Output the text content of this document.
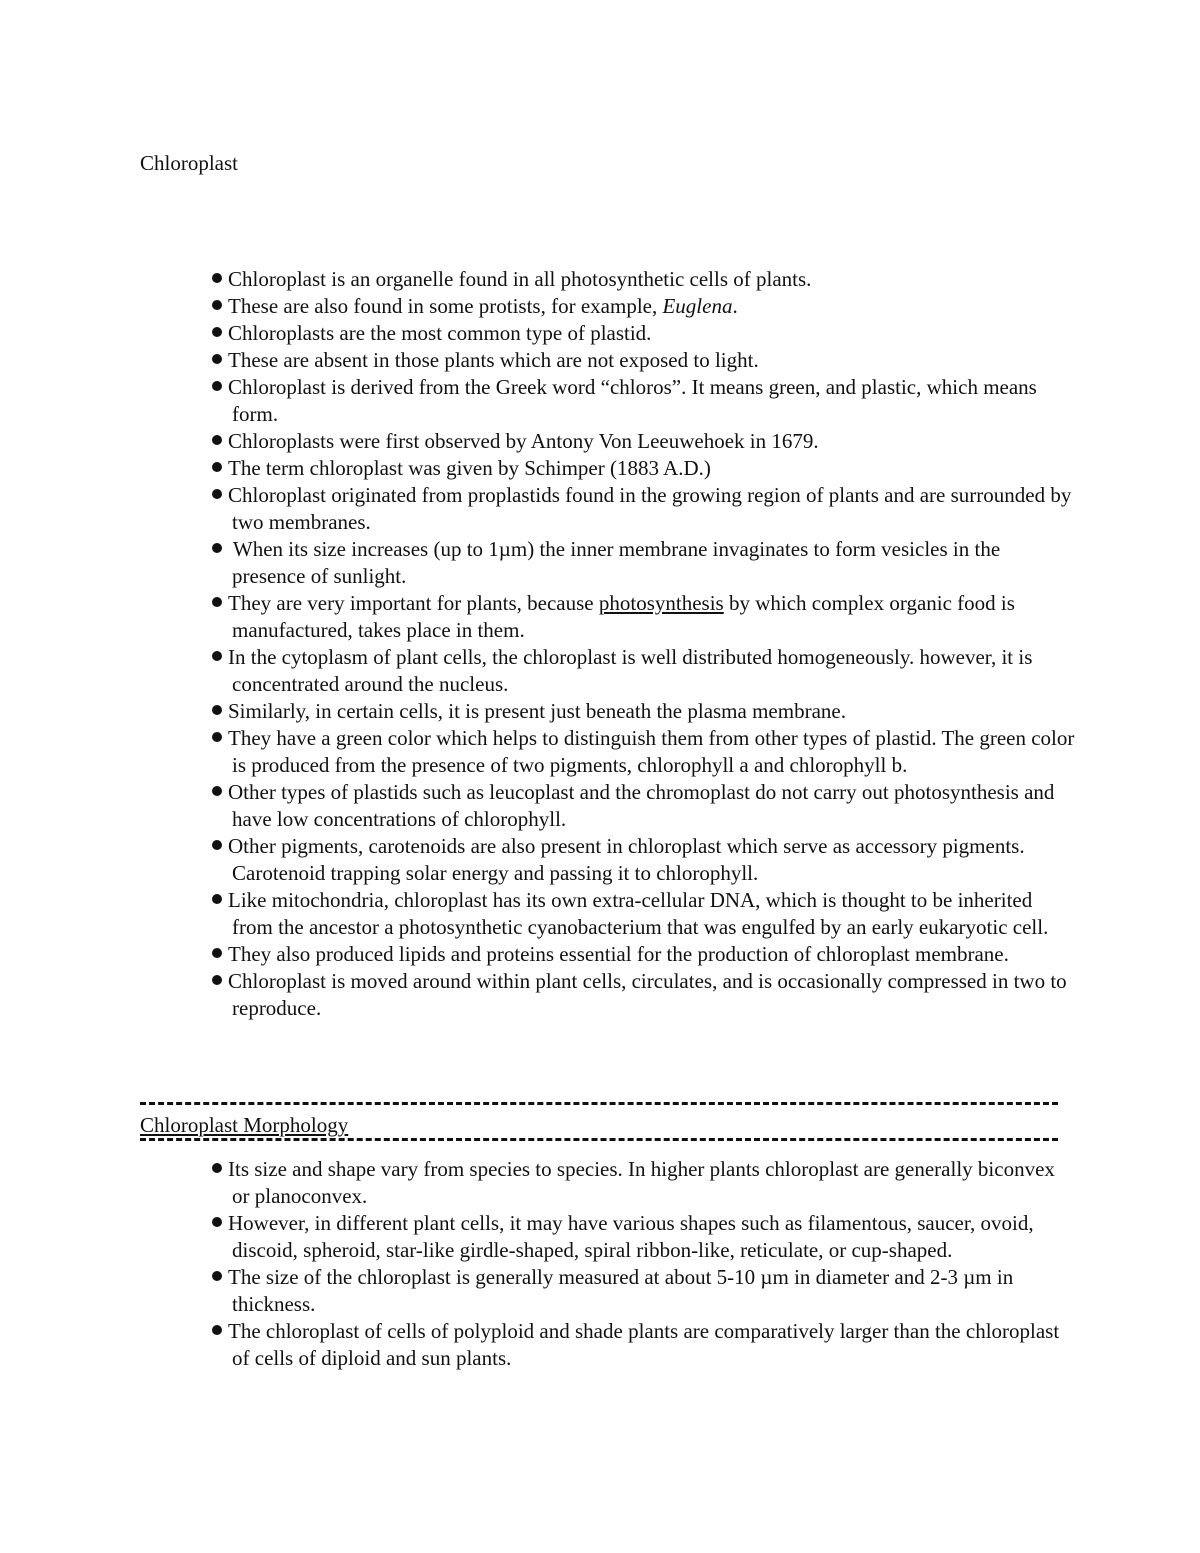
Chloroplast
Chloroplast is an organelle found in all photosynthetic cells of plants.
These are also found in some protists, for example, Euglena.
Chloroplasts are the most common type of plastid.
These are absent in those plants which are not exposed to light.
Chloroplast is derived from the Greek word “chloros”. It means green, and plastic, which means form.
Chloroplasts were first observed by Antony Von Leeuwehoek in 1679.
The term chloroplast was given by Schimper (1883 A.D.)
Chloroplast originated from proplastids found in the growing region of plants and are surrounded by two membranes.
When its size increases (up to 1µm) the inner membrane invaginates to form vesicles in the presence of sunlight.
They are very important for plants, because photosynthesis by which complex organic food is manufactured, takes place in them.
In the cytoplasm of plant cells, the chloroplast is well distributed homogeneously. however, it is concentrated around the nucleus.
Similarly, in certain cells, it is present just beneath the plasma membrane.
They have a green color which helps to distinguish them from other types of plastid. The green color is produced from the presence of two pigments, chlorophyll a and chlorophyll b.
Other types of plastids such as leucoplast and the chromoplast do not carry out photosynthesis and have low concentrations of chlorophyll.
Other pigments, carotenoids are also present in chloroplast which serve as accessory pigments. Carotenoid trapping solar energy and passing it to chlorophyll.
Like mitochondria, chloroplast has its own extra-cellular DNA, which is thought to be inherited from the ancestor a photosynthetic cyanobacterium that was engulfed by an early eukaryotic cell.
They also produced lipids and proteins essential for the production of chloroplast membrane.
Chloroplast is moved around within plant cells, circulates, and is occasionally compressed in two to reproduce.
Chloroplast Morphology
Its size and shape vary from species to species. In higher plants chloroplast are generally biconvex or planoconvex.
However, in different plant cells, it may have various shapes such as filamentous, saucer, ovoid, discoid, spheroid, star-like girdle-shaped, spiral ribbon-like, reticulate, or cup-shaped.
The size of the chloroplast is generally measured at about 5-10 µm in diameter and 2-3 µm in thickness.
The chloroplast of cells of polyploid and shade plants are comparatively larger than the chloroplast of cells of diploid and sun plants.
